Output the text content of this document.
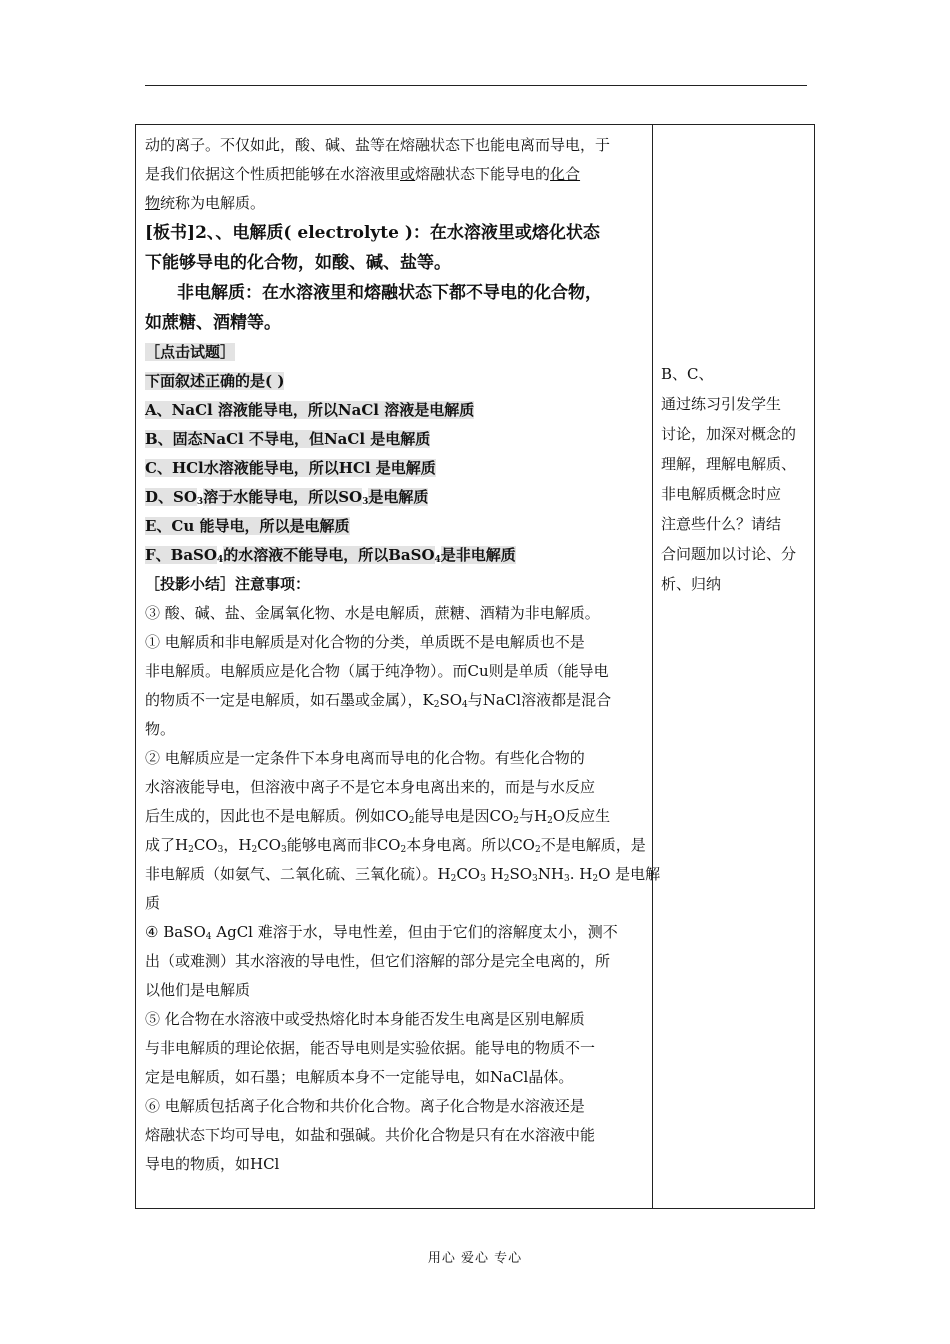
动的离子。不仅如此，酸、碱、盐等在熔融状态下也能电离而导电，于
是我们依据这个性质把能够在水溶液里或熔融状态下能导电的化合
物统称为电解质。
[板书]2、、电解质( electrolyte )：在水溶液里或熔化状态
下能够导电的化合物，如酸、碱、盐等。
非电解质：在水溶液里和熔融状态下都不导电的化合物，
如蔗糖、酒精等。
［点击试题］
下面叙述正确的是( )
A、NaCl 溶液能导电，所以NaCl 溶液是电解质
B、固态NaCl 不导电，但NaCl 是电解质
C、HCl水溶液能导电，所以HCl 是电解质
D、$SO_3$溶于水能导电，所以$SO_3$是电解质
E、Cu 能导电，所以是电解质
F、BaSO$_4$的水溶液不能导电，所以BaSO$_4$是非电解质
［投影小结］注意事项：
③ 酸、碱、盐、金属氧化物、水是电解质，蔗糖、酒精为非电解质。
① 电解质和非电解质是对化合物的分类，单质既不是电解质也不是
非电解质。电解质应是化合物（属于纯净物）。而Cu则是单质（能导电
的物质不一定是电解质，如石墨或金属），$K_2SO_4$与NaCl溶液都是混合
物。
② 电解质应是一定条件下本身电离而导电的化合物。有些化合物的
水溶液能导电，但溶液中离子不是它本身电离出来的，而是与水反应
后生成的，因此也不是电解质。例如$CO_2$能导电是因$CO_2$与$H_2O$反应生
成了$H_2CO_3$，$H_2CO_3$能够电离而非$CO_2$本身电离。所以$CO_2$不是电解质，是
非电解质（如氨气、二氧化硫、三氧化硫）。$H_2CO_3$ $H_2SO_3NH_3$. $H_2O$ 是电解
质
④ BaSO$_4$ AgCl 难溶于水，导电性差，但由于它们的溶解度太小，测不
出（或难测）其水溶液的导电性，但它们溶解的部分是完全电离的，所
以他们是电解质
⑤ 化合物在水溶液中或受热熔化时本身能否发生电离是区别电解质
与非电解质的理论依据，能否导电则是实验依据。能导电的物质不一
定是电解质，如石墨；电解质本身不一定能导电，如NaCl晶体。
⑥ 电解质包括离子化合物和共价化合物。离子化合物是水溶液还是
熔融状态下均可导电，如盐和强碱。共价化合物是只有在水溶液中能
导电的物质，如HCl
B、C、
通过练习引发学生
讨论，加深对概念的
理解，理解电解质、
非电解质概念时应
注意些什么？请结
合问题加以讨论、分
析、归纳
用心 爱心 专心
